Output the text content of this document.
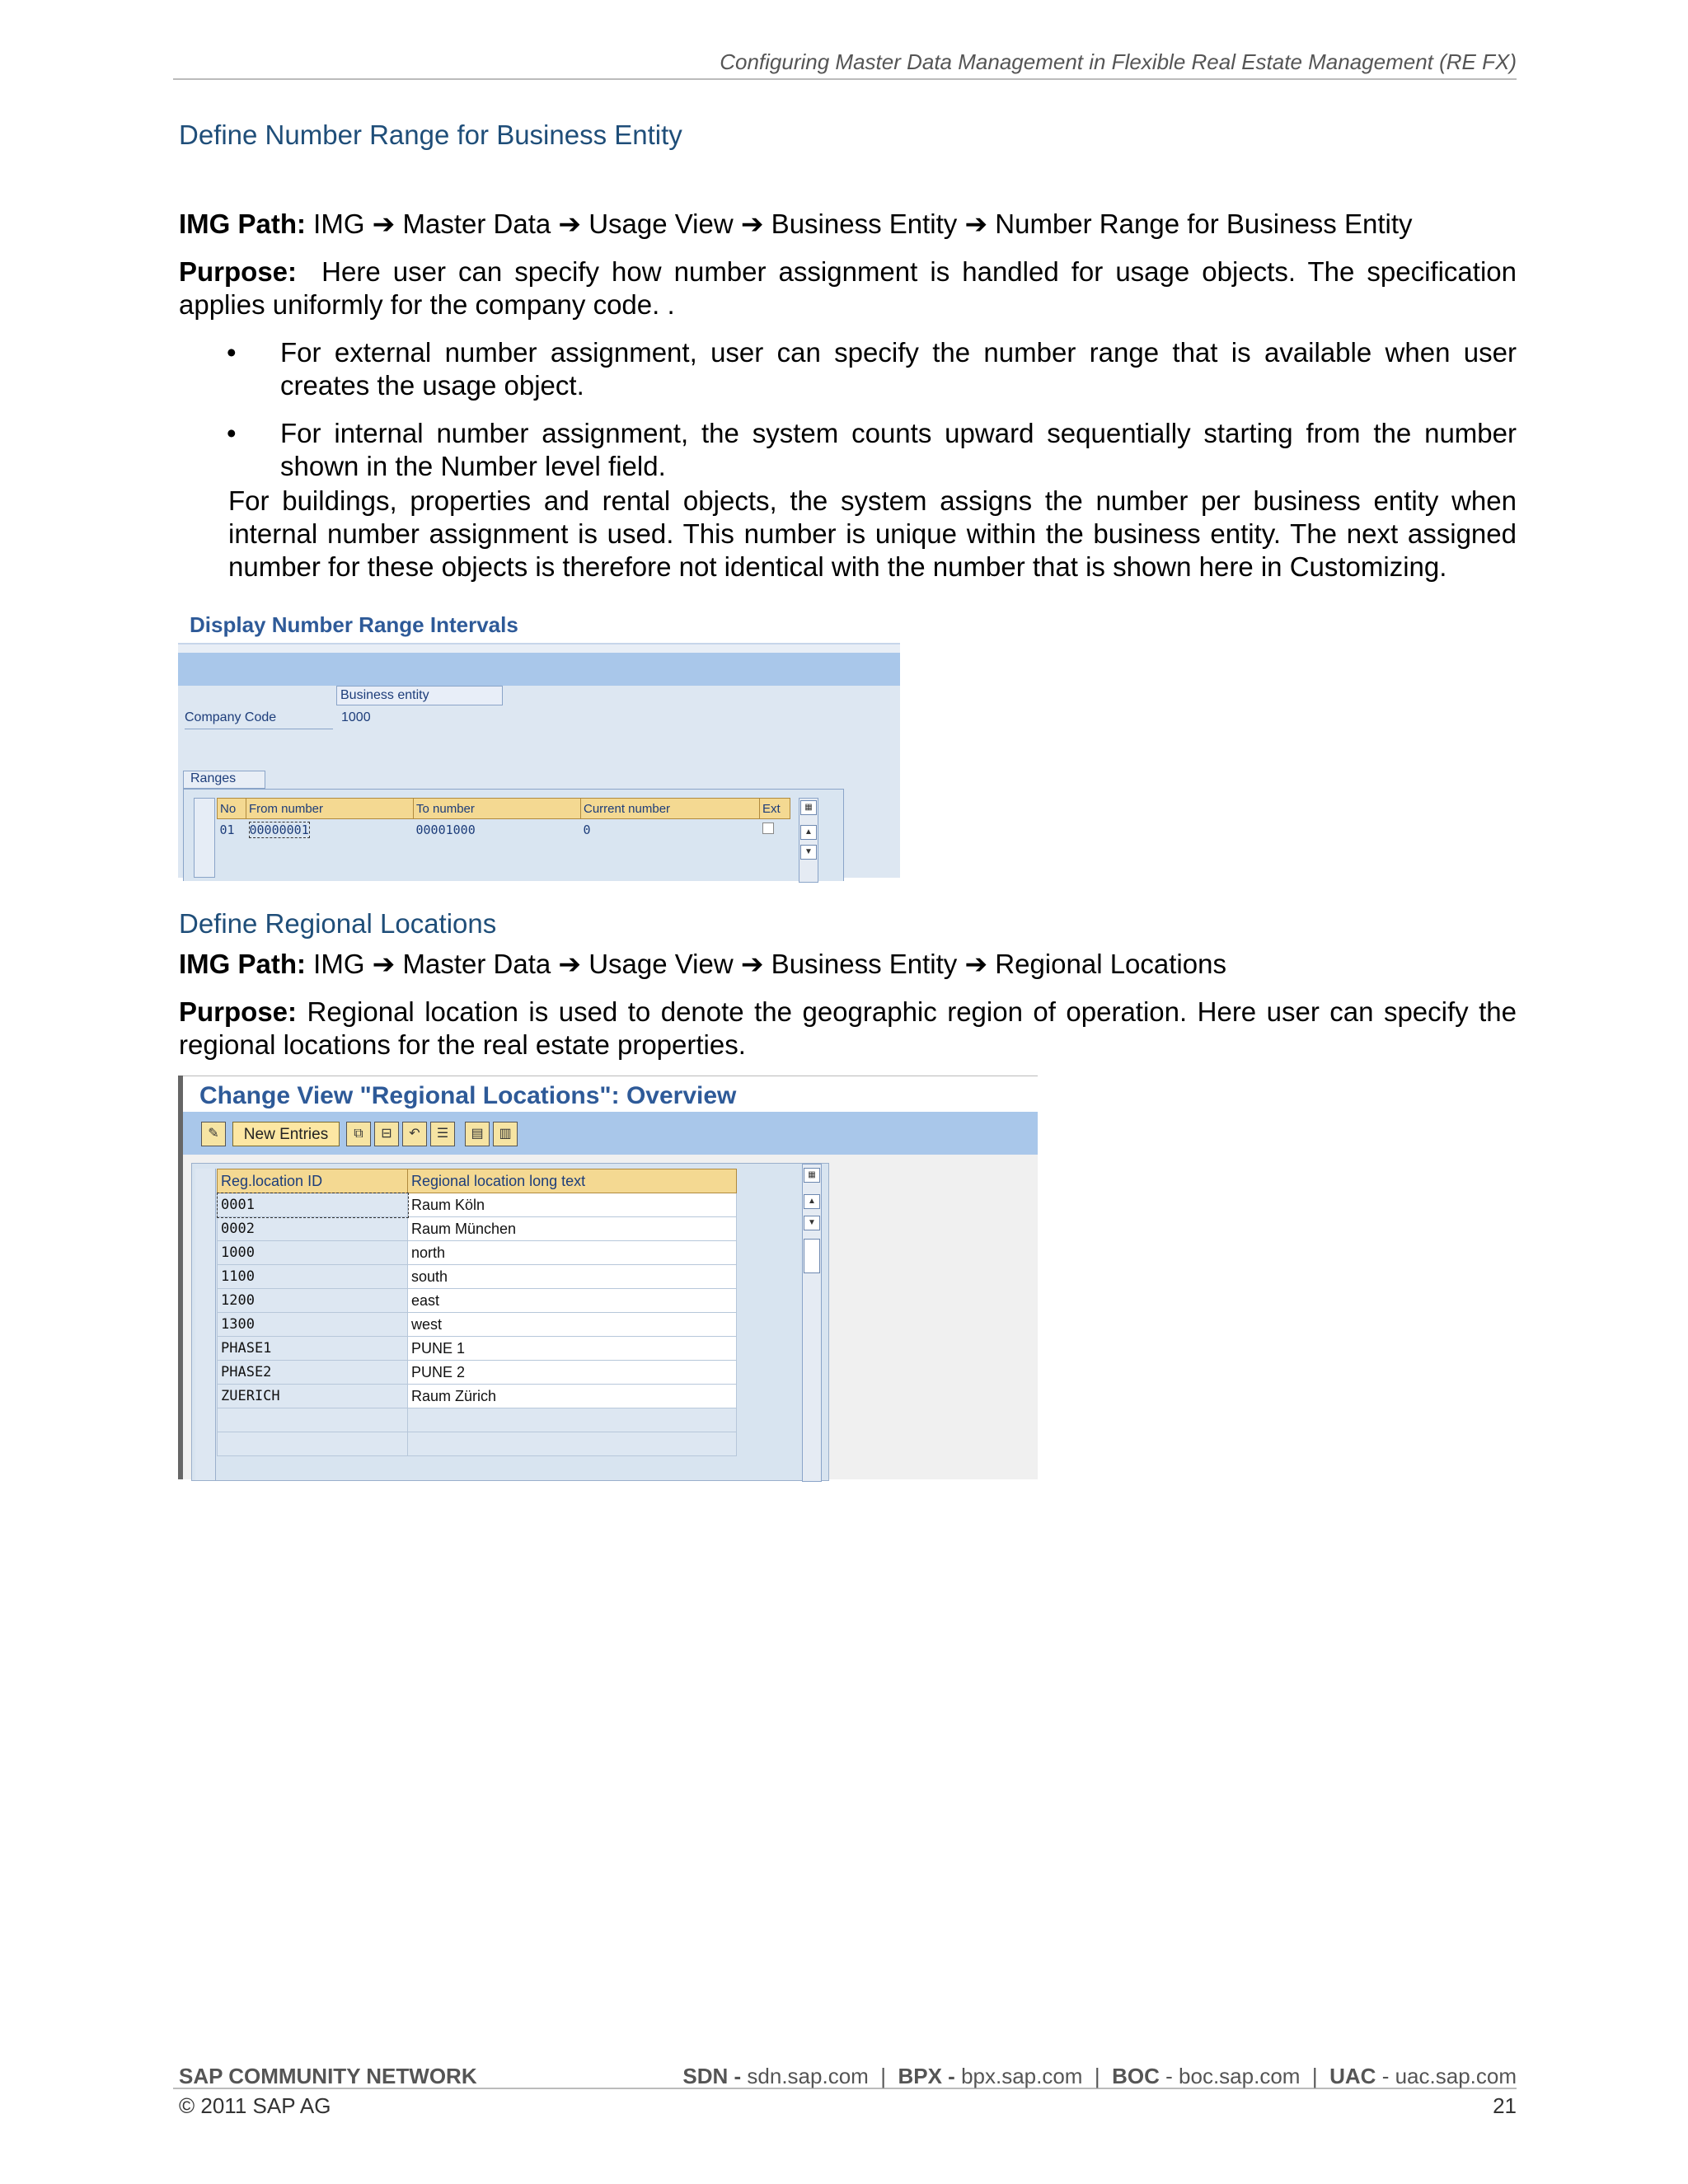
Configuring Master Data Management in Flexible Real Estate Management (RE FX)
Define Number Range for Business Entity
IMG Path: IMG ➔ Master Data ➔ Usage View ➔ Business Entity ➔ Number Range for Business Entity
Purpose: Here user can specify how number assignment is handled for usage objects. The specification applies uniformly for the company code. .
• For external number assignment, user can specify the number range that is available when user creates the usage object.
• For internal number assignment, the system counts upward sequentially starting from the number shown in the Number level field.
For buildings, properties and rental objects, the system assigns the number per business entity when internal number assignment is used. This number is unique within the business entity. The next assigned number for these objects is therefore not identical with the number that is shown here in Customizing.
Display Number Range Intervals
Business entity
Company Code	1000
Ranges
No	From number	To number	Current number	Ext
01	00000001	00001000	0	
▦
▲
▼
Define Regional Locations
IMG Path: IMG ➔ Master Data ➔ Usage View ➔ Business Entity ➔ Regional Locations
Purpose: Regional location is used to denote the geographic region of operation. Here user can specify the regional locations for the real estate properties.
Change View "Regional Locations": Overview
✎	New Entries	⧉	⊟	↶	☰	▤	▥
Reg.location ID	Regional location long text
0001	Raum Köln
0002	Raum München
1000	north
1100	south
1200	east
1300	west
PHASE1	PUNE 1
PHASE2	PUNE 2
ZUERICH	Raum Zürich

▦
▲
▼
SAP COMMUNITY NETWORK	SDN - sdn.sap.com | BPX - bpx.sap.com | BOC - boc.sap.com | UAC - uac.sap.com
© 2011 SAP AG	21
